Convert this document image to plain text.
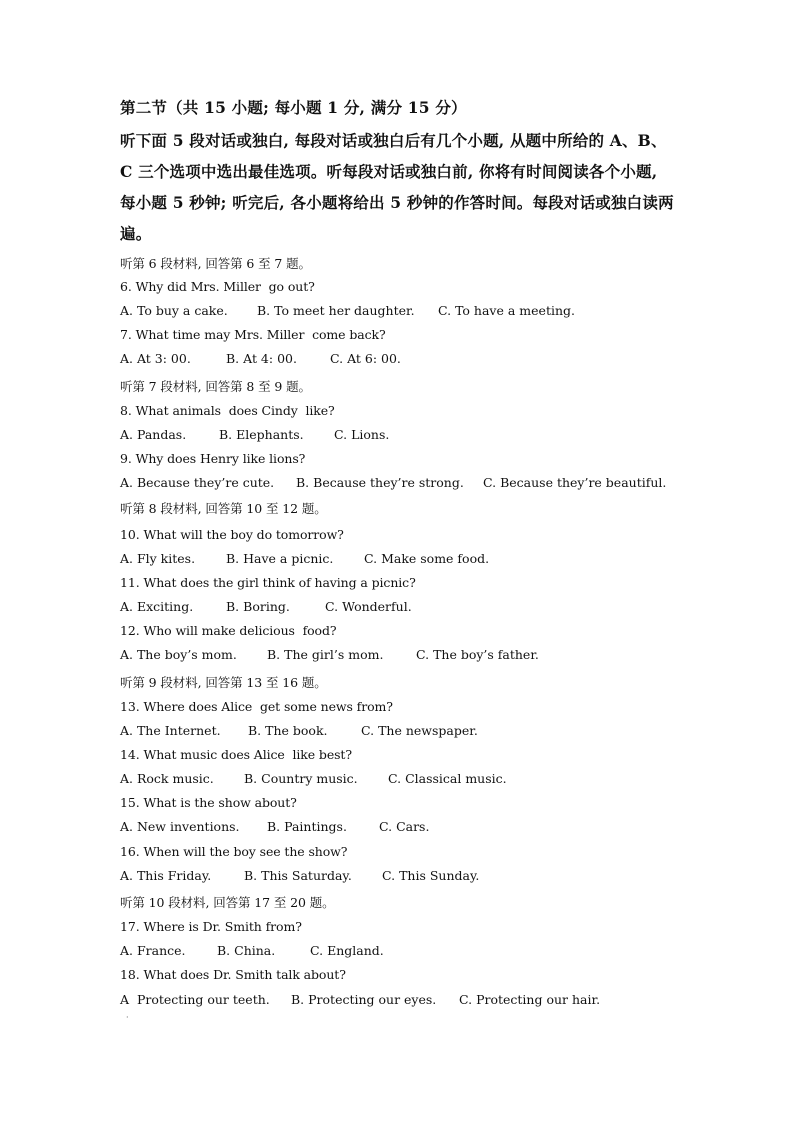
第二节（共 15 小题; 每小题 1 分, 满分 15 分）
听下面 5 段对话或独白, 每段对话或独白后有几个小题, 从题中所给的 A、B、
C 三个选项中选出最佳选项。听每段对话或独白前, 你将有时间阅读各个小题,
每小题 5 秒钟; 听完后, 各小题将给出 5 秒钟的作答时间。每段对话或独白读两
遍。
听第 6 段材料, 回答第 6 至 7 题。
6. Why did Mrs. Miller  go out?
A. To buy a cake. B. To meet her daughter. C. To have a meeting.
7. What time may Mrs. Miller  come back?
A. At 3: 00.	B. At 4: 00.	C. At 6: 00.
听第 7 段材料, 回答第 8 至 9 题。
8. What animals  does Cindy  like?
A. Pandas.	B. Elephants. C. Lions.
9. Why does Henry like lions?
A. Because they’re cute. B. Because they’re strong. C. Because they’re beautiful.
听第 8 段材料, 回答第 10 至 12 题。
10. What will the boy do tomorrow?
A. Fly kites. B. Have a picnic. C. Make some food.
11. What does the girl think of having a picnic?
A. Exciting.	B. Boring.	C. Wonderful.
12. Who will make delicious  food?
A. The boy’s mom. B. The girl’s mom.	C. The boy’s father.
听第 9 段材料, 回答第 13 至 16 题。
13. Where does Alice  get some news from?
A. The Internet. B. The book.	C. The newspaper.
14. What music does Alice  like best?
A. Rock music. B. Country music. C. Classical music.
15. What is the show about?
A. New inventions. B. Paintings.	C. Cars.
16. When will the boy see the show?
A. This Friday.	B. This Saturday. C. This Sunday.
听第 10 段材料, 回答第 17 至 20 题。
17. Where is Dr. Smith from?
A. France.	B. China.	C. England.
18. What does Dr. Smith talk about?
A  Protecting our teeth. B. Protecting our eyes. C. Protecting our hair.
·
